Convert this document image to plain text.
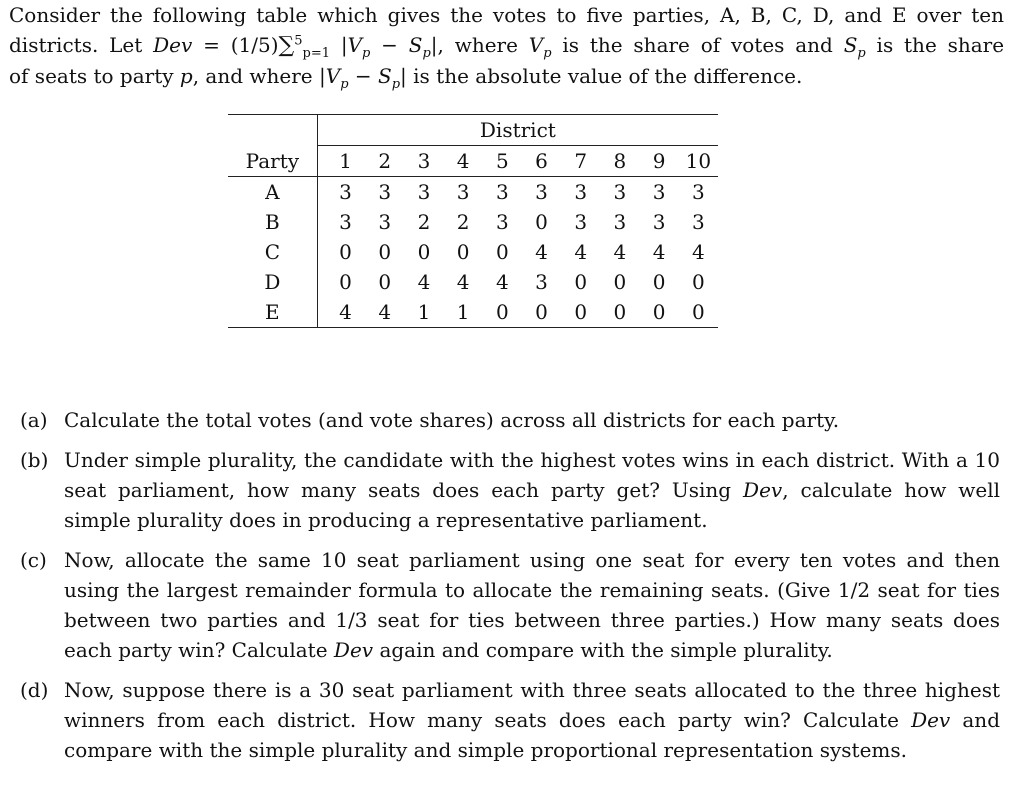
Consider the following table which gives the votes to five parties, A, B, C, D, and E over ten
districts. Let Dev = (1/5)∑$^5_{p=1}$ $|V_p - S_p|$, where $V_p$ is the share of votes and $S_p$ is the share
of seats to party p, and where $|V_p - S_p|$ is the absolute value of the difference.
	District									
Party	1	2	3	4	5	6	7	8	9	10
A	3	3	3	3	3	3	3	3	3	3
B	3	3	2	2	3	0	3	3	3	3
C	0	0	0	0	0	4	4	4	4	4
D	0	0	4	4	4	3	0	0	0	0
E	4	4	1	1	0	0	0	0	0	0
(a) Calculate the total votes (and vote shares) across all districts for each party.
(b) Under simple plurality, the candidate with the highest votes wins in each district. With a 10 seat parliament, how many seats does each party get? Using Dev, calculate how well simple plurality does in producing a representative parliament.
(c) Now, allocate the same 10 seat parliament using one seat for every ten votes and then using the largest remainder formula to allocate the remaining seats. (Give 1/2 seat for ties between two parties and 1/3 seat for ties between three parties.) How many seats does each party win? Calculate Dev again and compare with the simple plurality.
(d) Now, suppose there is a 30 seat parliament with three seats allocated to the three highest winners from each district. How many seats does each party win? Calculate Dev and compare with the simple plurality and simple proportional representation systems.
